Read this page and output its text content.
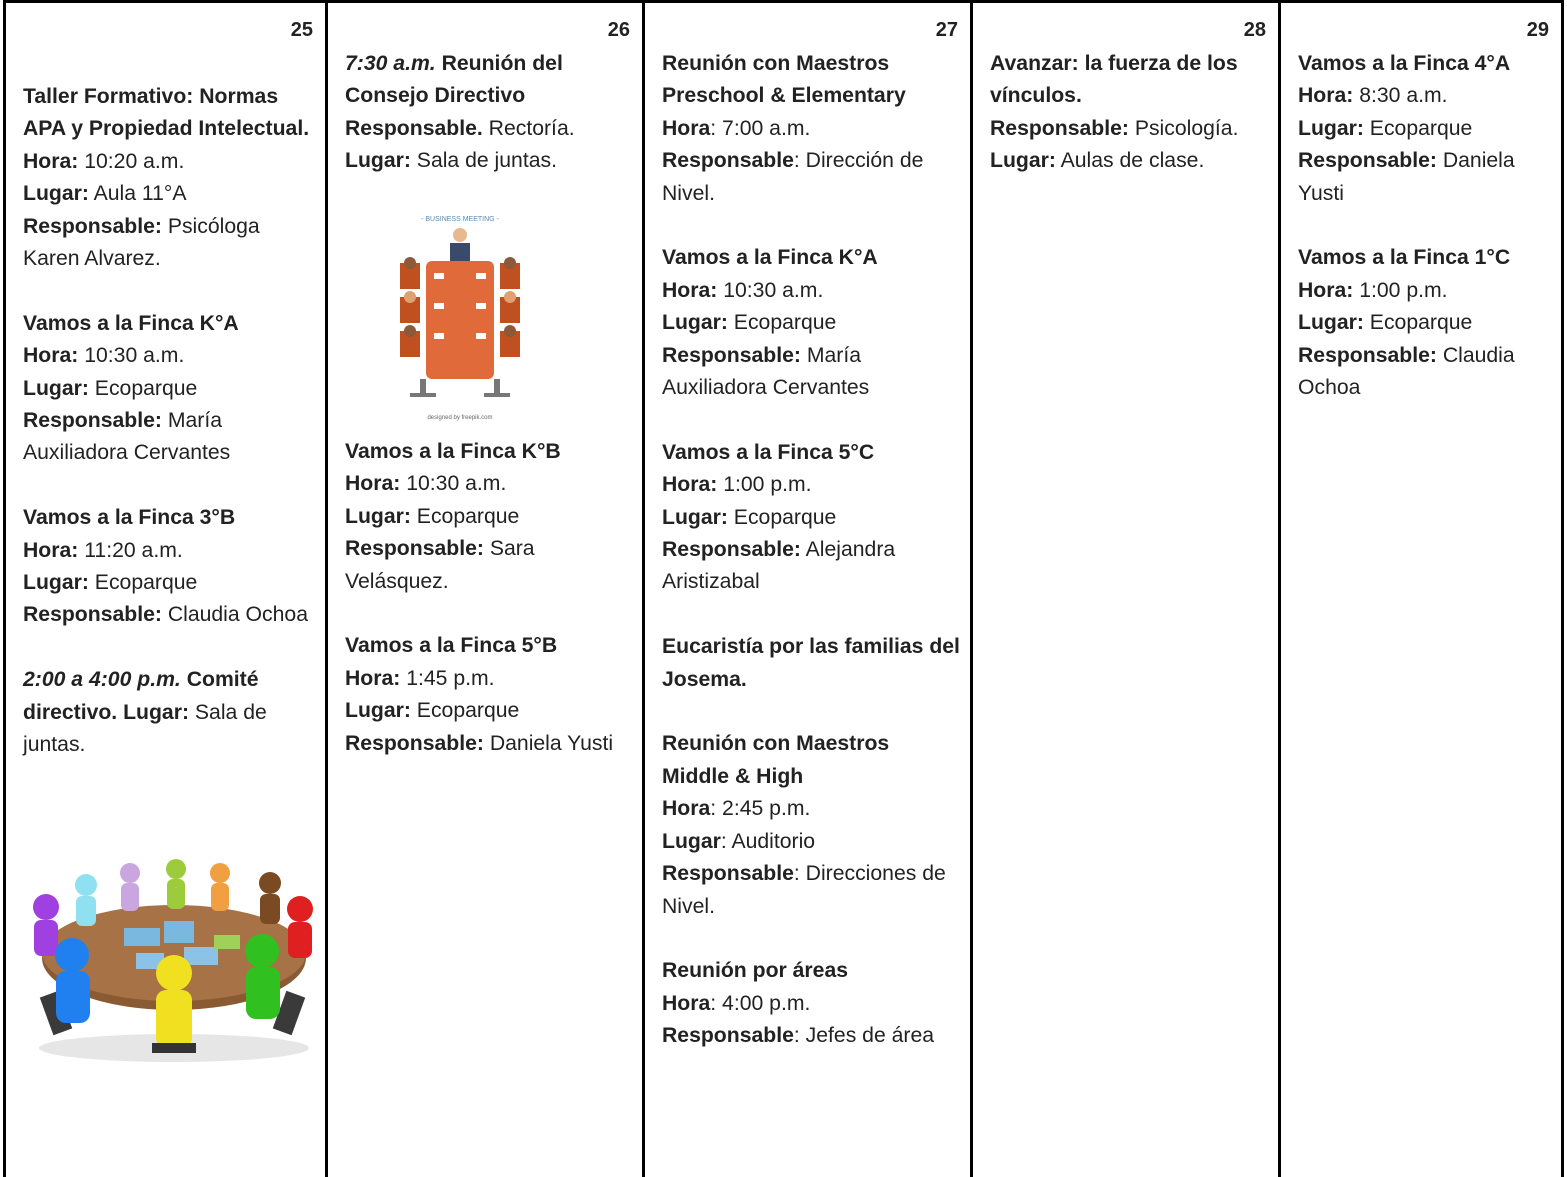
25

Taller Formativo: Normas APA y Propiedad Intelectual.
Hora: 10:20 a.m.
Lugar: Aula 11°A
Responsable: Psicóloga Karen Alvarez.

Vamos a la Finca K°A
Hora: 10:30 a.m.
Lugar: Ecoparque
Responsable: María Auxiliadora Cervantes

Vamos a la Finca 3°B
Hora: 11:20 a.m.
Lugar: Ecoparque
Responsable: Claudia Ochoa

2:00 a 4:00 p.m. Comité directivo. Lugar: Sala de juntas.

26

7:30 a.m. Reunión del Consejo Directivo
Responsable. Rectoría.
Lugar: Sala de juntas.

- BUSINESS MEETING -
designed by freepik.com

Vamos a la Finca K°B
Hora: 10:30 a.m.
Lugar: Ecoparque
Responsable: Sara Velásquez.

Vamos a la Finca 5°B
Hora: 1:45 p.m.
Lugar: Ecoparque
Responsable: Daniela Yusti

27

Reunión con Maestros Preschool & Elementary
Hora: 7:00 a.m.
Responsable: Dirección de Nivel.

Vamos a la Finca K°A
Hora: 10:30 a.m.
Lugar: Ecoparque
Responsable: María Auxiliadora Cervantes

Vamos a la Finca 5°C
Hora: 1:00 p.m.
Lugar: Ecoparque
Responsable: Alejandra Aristizabal

Eucaristía por las familias del Josema.

Reunión con Maestros Middle & High
Hora: 2:45 p.m.
Lugar: Auditorio
Responsable: Direcciones de Nivel.

Reunión por áreas
Hora: 4:00 p.m.
Responsable: Jefes de área

28

Avanzar: la fuerza de los vínculos.
Responsable: Psicología.
Lugar: Aulas de clase.

29

Vamos a la Finca 4°A
Hora: 8:30 a.m.
Lugar: Ecoparque
Responsable: Daniela Yusti

Vamos a la Finca 1°C
Hora: 1:00 p.m.
Lugar: Ecoparque
Responsable: Claudia Ochoa
